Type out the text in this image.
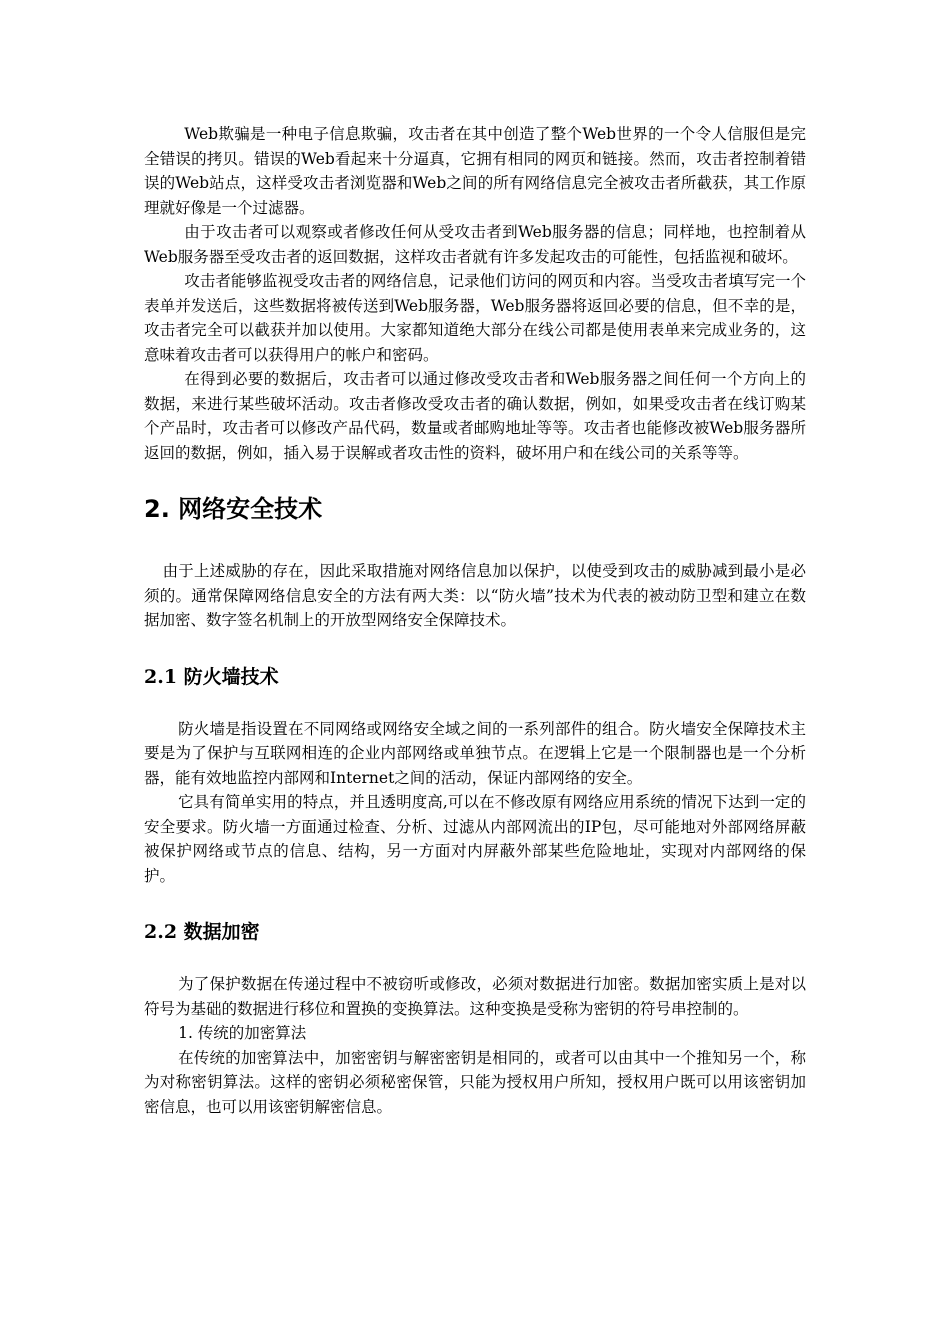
Web欺骗是一种电子信息欺骗，攻击者在其中创造了整个Web世界的一个令人信服但是完全错误的拷贝。错误的Web看起来十分逼真，它拥有相同的网页和链接。然而，攻击者控制着错误的Web站点，这样受攻击者浏览器和Web之间的所有网络信息完全被攻击者所截获，其工作原理就好像是一个过滤器。

由于攻击者可以观察或者修改任何从受攻击者到Web服务器的信息；同样地，也控制着从Web服务器至受攻击者的返回数据，这样攻击者就有许多发起攻击的可能性，包括监视和破坏。

攻击者能够监视受攻击者的网络信息，记录他们访问的网页和内容。当受攻击者填写完一个表单并发送后，这些数据将被传送到Web服务器，Web服务器将返回必要的信息，但不幸的是，攻击者完全可以截获并加以使用。大家都知道绝大部分在线公司都是使用表单来完成业务的，这意味着攻击者可以获得用户的帐户和密码。

在得到必要的数据后，攻击者可以通过修改受攻击者和Web服务器之间任何一个方向上的数据，来进行某些破坏活动。攻击者修改受攻击者的确认数据，例如，如果受攻击者在线订购某个产品时，攻击者可以修改产品代码，数量或者邮购地址等等。攻击者也能修改被Web服务器所返回的数据，例如，插入易于误解或者攻击性的资料，破坏用户和在线公司的关系等等。

2. 网络安全技术

由于上述威胁的存在，因此采取措施对网络信息加以保护，以使受到攻击的威胁减到最小是必须的。通常保障网络信息安全的方法有两大类：以“防火墙”技术为代表的被动防卫型和建立在数据加密、数字签名机制上的开放型网络安全保障技术。

2.1 防火墙技术

防火墙是指设置在不同网络或网络安全域之间的一系列部件的组合。防火墙安全保障技术主要是为了保护与互联网相连的企业内部网络或单独节点。在逻辑上它是一个限制器也是一个分析器，能有效地监控内部网和Internet之间的活动，保证内部网络的安全。

它具有简单实用的特点，并且透明度高,可以在不修改原有网络应用系统的情况下达到一定的安全要求。防火墙一方面通过检查、分析、过滤从内部网流出的IP包，尽可能地对外部网络屏蔽被保护网络或节点的信息、结构，另一方面对内屏蔽外部某些危险地址，实现对内部网络的保护。

2.2 数据加密

为了保护数据在传递过程中不被窃听或修改，必须对数据进行加密。数据加密实质上是对以符号为基础的数据进行移位和置换的变换算法。这种变换是受称为密钥的符号串控制的。

1. 传统的加密算法

在传统的加密算法中，加密密钥与解密密钥是相同的，或者可以由其中一个推知另一个，称为对称密钥算法。这样的密钥必须秘密保管，只能为授权用户所知，授权用户既可以用该密钥加密信息，也可以用该密钥解密信息。
